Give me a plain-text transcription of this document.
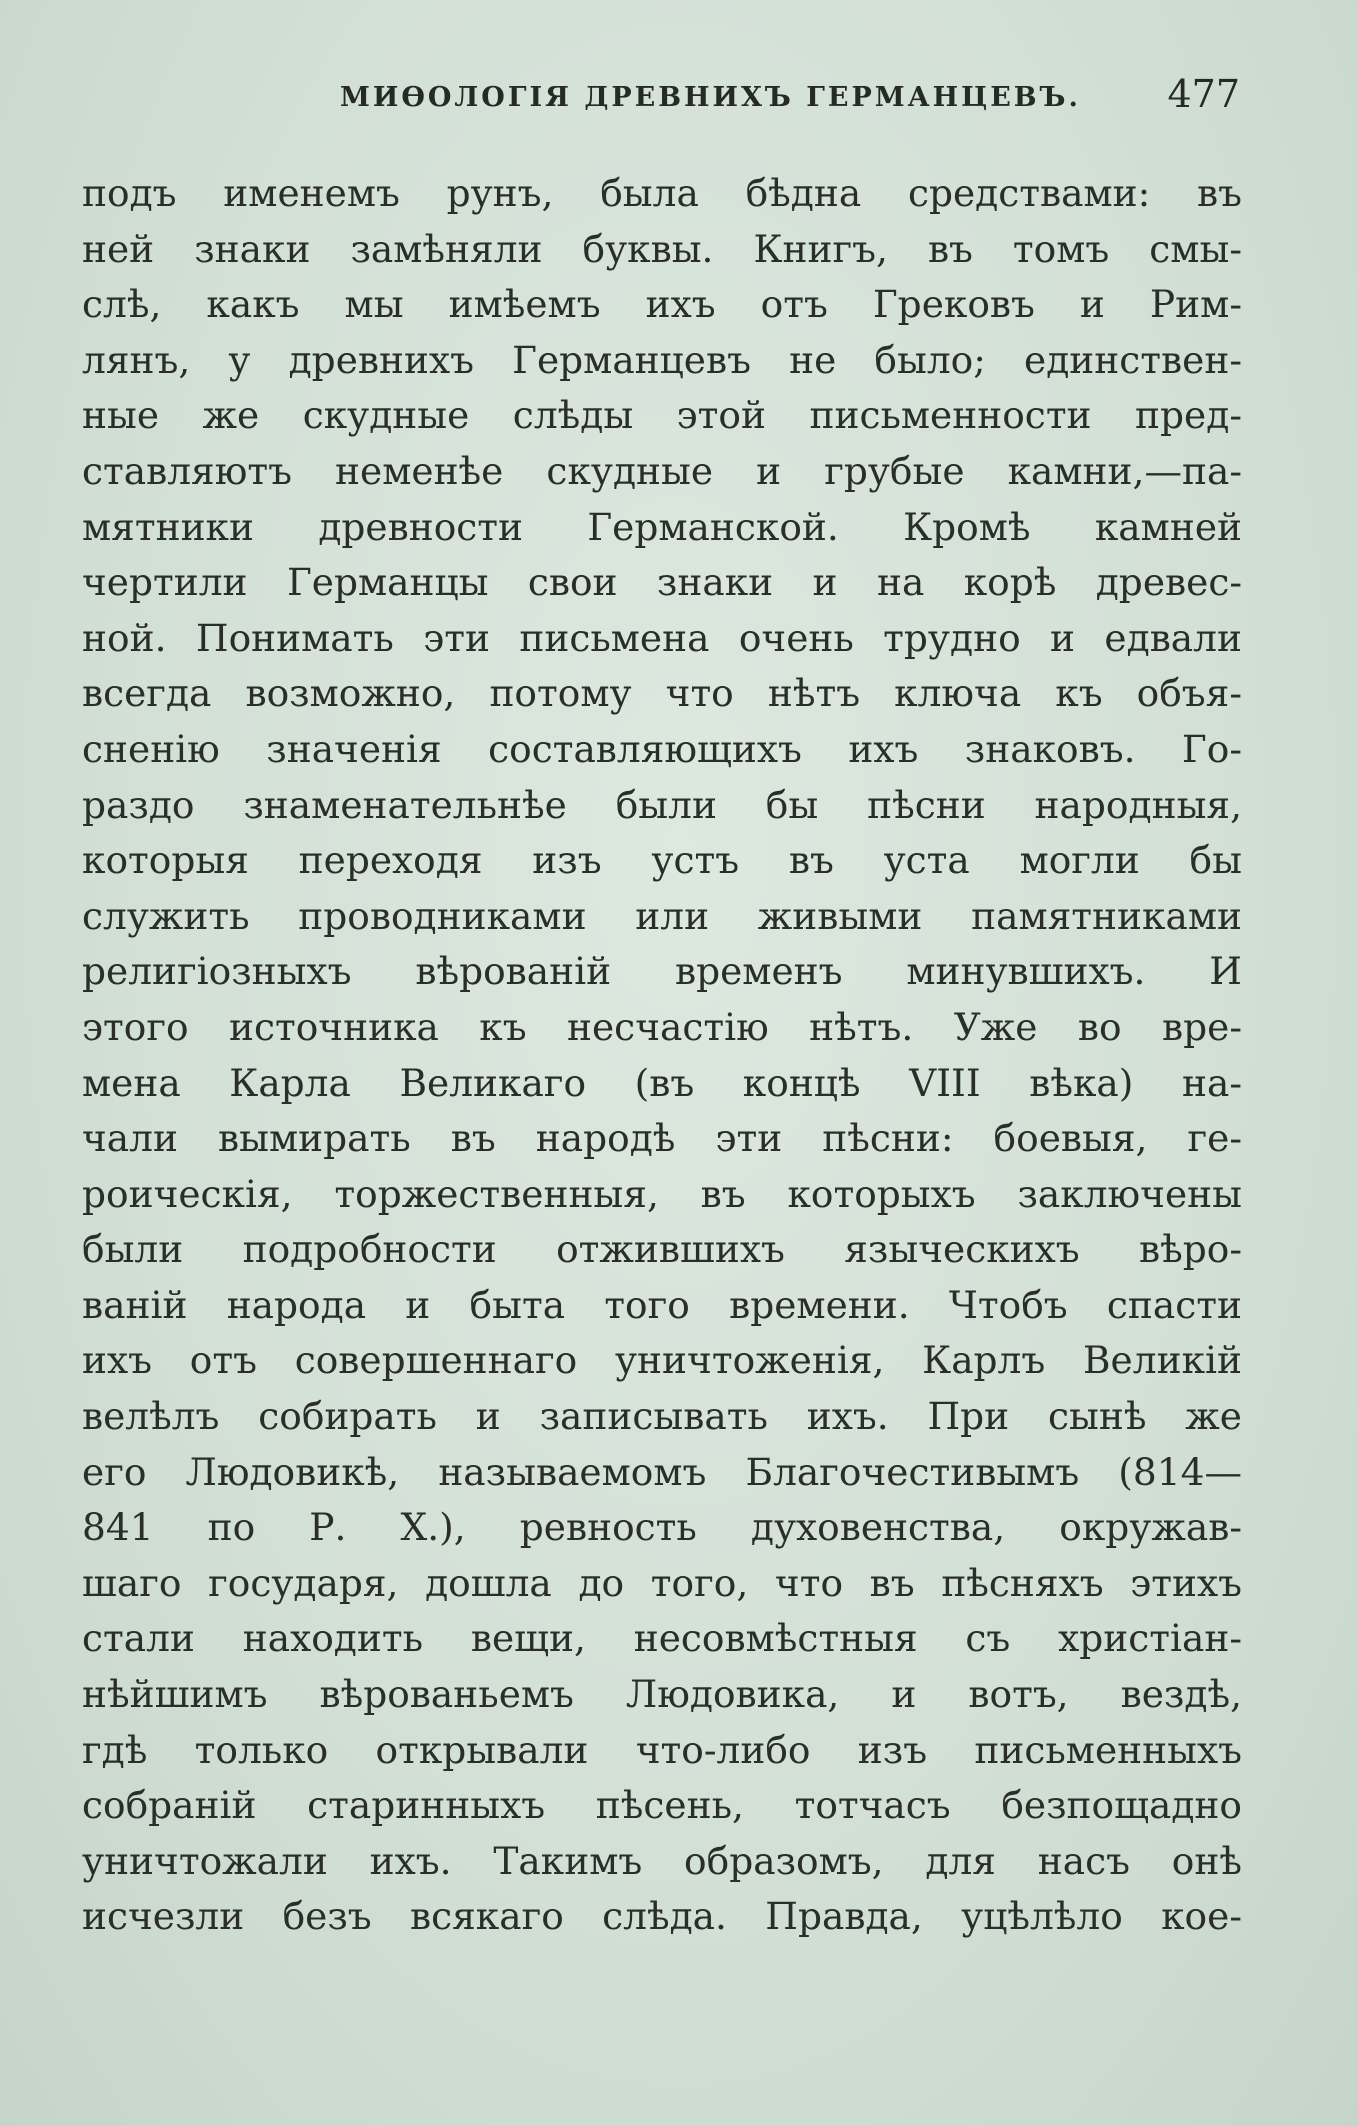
МИѲОЛОГІЯ ДРЕВНИХЪ ГЕРМАНЦЕВЪ. 477
подъ именемъ рунъ, была бѣдна средствами: въ
ней знаки замѣняли буквы. Книгъ, въ томъ смы-
слѣ, какъ мы имѣемъ ихъ отъ Грековъ и Рим-
лянъ, у древнихъ Германцевъ не было; единствен-
ные же скудные слѣды этой письменности пред-
ставляютъ неменѣе скудные и грубые камни,—па-
мятники древности Германской. Кромѣ камней
чертили Германцы свои знаки и на корѣ древес-
ной. Понимать эти письмена очень трудно и едвали
всегда возможно, потому что нѣтъ ключа къ объя-
сненію значенія составляющихъ ихъ знаковъ. Го-
раздо знаменательнѣе были бы пѣсни народныя,
которыя переходя изъ устъ въ уста могли бы
служить проводниками или живыми памятниками
религіозныхъ вѣрованій временъ минувшихъ. И
этого источника къ несчастію нѣтъ. Уже во вре-
мена Карла Великаго (въ концѣ VIII вѣка) на-
чали вымирать въ народѣ эти пѣсни: боевыя, ге-
роическія, торжественныя, въ которыхъ заключены
были подробности отжившихъ языческихъ вѣро-
ваній народа и быта того времени. Чтобъ спасти
ихъ отъ совершеннаго уничтоженія, Карлъ Великій
велѣлъ собирать и записывать ихъ. При сынѣ же
его Людовикѣ, называемомъ Благочестивымъ (814—
841 по Р. Х.), ревность духовенства, окружав-
шаго государя, дошла до того, что въ пѣсняхъ этихъ
стали находить вещи, несовмѣстныя съ христіан-
нѣйшимъ вѣрованьемъ Людовика, и вотъ, вездѣ,
гдѣ только открывали что-либо изъ письменныхъ
собраній старинныхъ пѣсень, тотчасъ безпощадно
уничтожали ихъ. Такимъ образомъ, для насъ онѣ
исчезли безъ всякаго слѣда. Правда, уцѣлѣло кое-
